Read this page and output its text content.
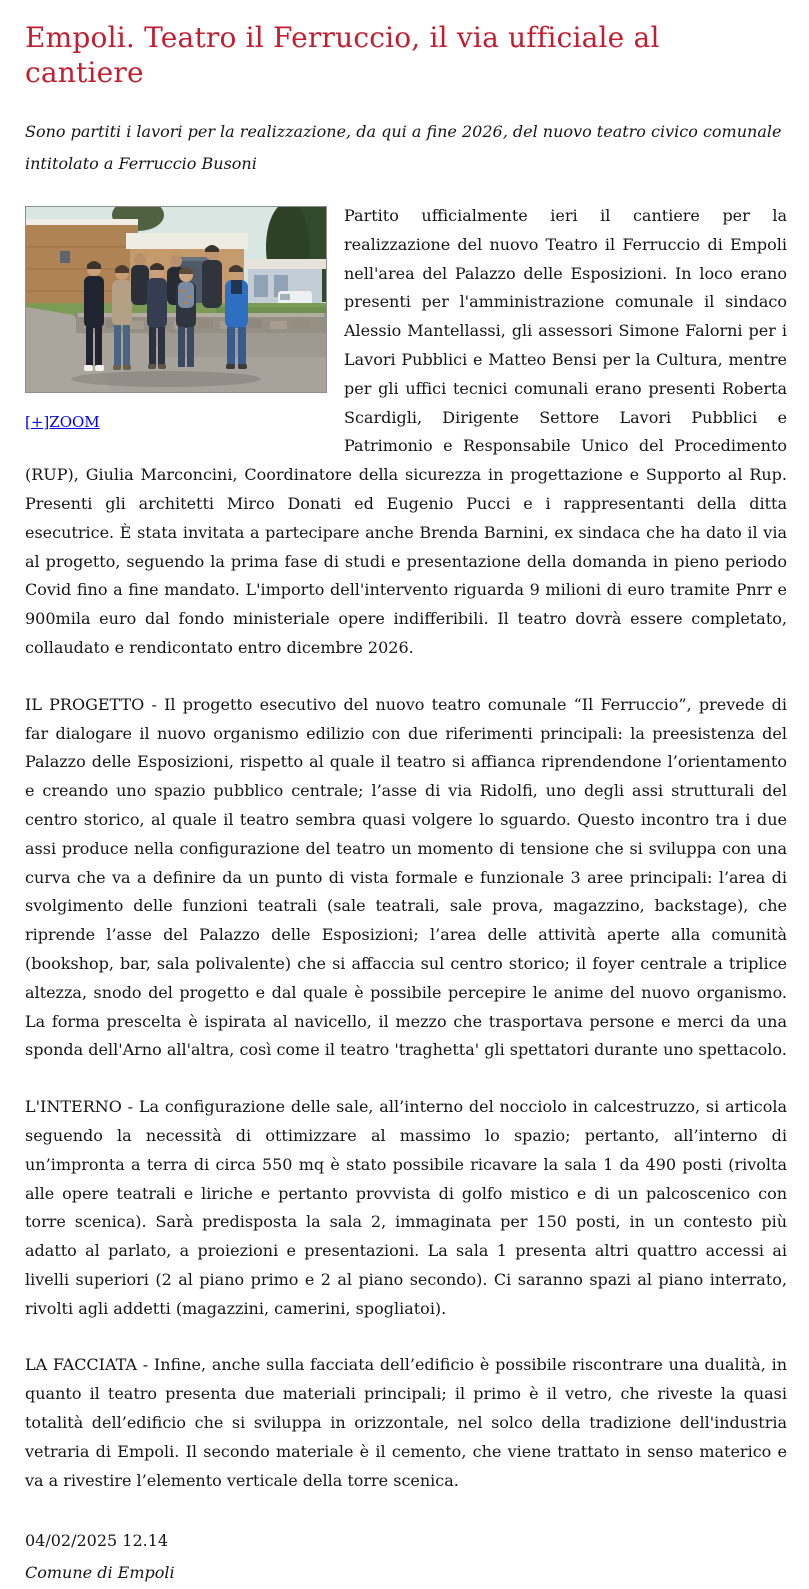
Empoli. Teatro il Ferruccio, il via ufficiale al cantiere

Sono partiti i lavori per la realizzazione, da qui a fine 2026, del nuovo teatro civico comunale intitolato a Ferruccio Busoni

[+]ZOOM

Partito ufficialmente ieri il cantiere per la realizzazione del nuovo Teatro il Ferruccio di Empoli nell'area del Palazzo delle Esposizioni. In loco erano presenti per l'amministrazione comunale il sindaco Alessio Mantellassi, gli assessori Simone Falorni per i Lavori Pubblici e Matteo Bensi per la Cultura, mentre per gli uffici tecnici comunali erano presenti Roberta Scardigli, Dirigente Settore Lavori Pubblici e Patrimonio e Responsabile Unico del Procedimento (RUP), Giulia Marconcini, Coordinatore della sicurezza in progettazione e Supporto al Rup. Presenti gli architetti Mirco Donati ed Eugenio Pucci e i rappresentanti della ditta esecutrice. È stata invitata a partecipare anche Brenda Barnini, ex sindaca che ha dato il via al progetto, seguendo la prima fase di studi e presentazione della domanda in pieno periodo Covid fino a fine mandato. L'importo dell'intervento riguarda 9 milioni di euro tramite Pnrr e 900mila euro dal fondo ministeriale opere indifferibili. Il teatro dovrà essere completato, collaudato e rendicontato entro dicembre 2026.

IL PROGETTO - Il progetto esecutivo del nuovo teatro comunale “Il Ferruccio”, prevede di far dialogare il nuovo organismo edilizio con due riferimenti principali: la preesistenza del Palazzo delle Esposizioni, rispetto al quale il teatro si affianca riprendendone l’orientamento e creando uno spazio pubblico centrale; l’asse di via Ridolfi, uno degli assi strutturali del centro storico, al quale il teatro sembra quasi volgere lo sguardo. Questo incontro tra i due assi produce nella configurazione del teatro un momento di tensione che si sviluppa con una curva che va a definire da un punto di vista formale e funzionale 3 aree principali: l’area di svolgimento delle funzioni teatrali (sale teatrali, sale prova, magazzino, backstage), che riprende l’asse del Palazzo delle Esposizioni; l’area delle attività aperte alla comunità (bookshop, bar, sala polivalente) che si affaccia sul centro storico; il foyer centrale a triplice altezza, snodo del progetto e dal quale è possibile percepire le anime del nuovo organismo. La forma prescelta è ispirata al navicello, il mezzo che trasportava persone e merci da una sponda dell'Arno all'altra, così come il teatro 'traghetta' gli spettatori durante uno spettacolo.

L'INTERNO - La configurazione delle sale, all’interno del nocciolo in calcestruzzo, si articola seguendo la necessità di ottimizzare al massimo lo spazio; pertanto, all’interno di un’impronta a terra di circa 550 mq è stato possibile ricavare la sala 1 da 490 posti (rivolta alle opere teatrali e liriche e pertanto provvista di golfo mistico e di un palcoscenico con torre scenica). Sarà predisposta la sala 2, immaginata per 150 posti, in un contesto più adatto al parlato, a proiezioni e presentazioni. La sala 1 presenta altri quattro accessi ai livelli superiori (2 al piano primo e 2 al piano secondo). Ci saranno spazi al piano interrato, rivolti agli addetti (magazzini, camerini, spogliatoi).

LA FACCIATA - Infine, anche sulla facciata dell’edificio è possibile riscontrare una dualità, in quanto il teatro presenta due materiali principali; il primo è il vetro, che riveste la quasi totalità dell’edificio che si sviluppa in orizzontale, nel solco della tradizione dell'industria vetraria di Empoli. Il secondo materiale è il cemento, che viene trattato in senso materico e va a rivestire l’elemento verticale della torre scenica.

04/02/2025 12.14

Comune di Empoli
